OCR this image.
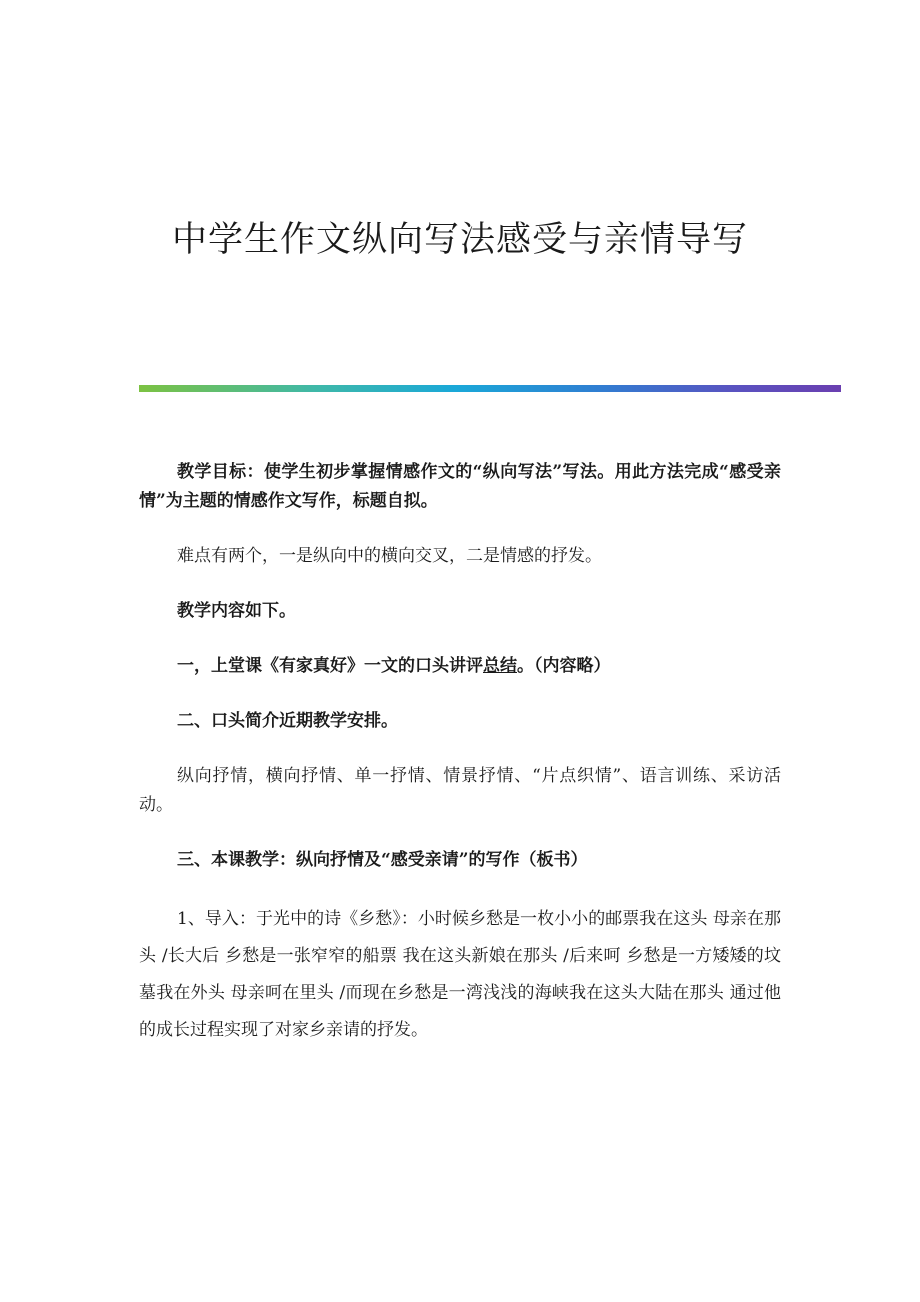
中学生作文纵向写法感受与亲情导写

教学目标：使学生初步掌握情感作文的“纵向写法”写法。用此方法完成“感受亲情”为主题的情感作文写作，标题自拟。

难点有两个，一是纵向中的横向交叉，二是情感的抒发。

教学内容如下。

一，上堂课《有家真好》一文的口头讲评总结。（内容略）

二、口头简介近期教学安排。

纵向抒情，横向抒情、单一抒情、情景抒情、“片点织情”、语言训练、采访活动。

三、本课教学：纵向抒情及“感受亲请”的写作（板书）

1、导入：于光中的诗《乡愁》：小时候乡愁是一枚小小的邮票我在这头 母亲在那头 /长大后 乡愁是一张窄窄的船票 我在这头新娘在那头 /后来呵 乡愁是一方矮矮的坟墓我在外头 母亲呵在里头 /而现在乡愁是一湾浅浅的海峡我在这头大陆在那头 通过他的成长过程实现了对家乡亲请的抒发。
